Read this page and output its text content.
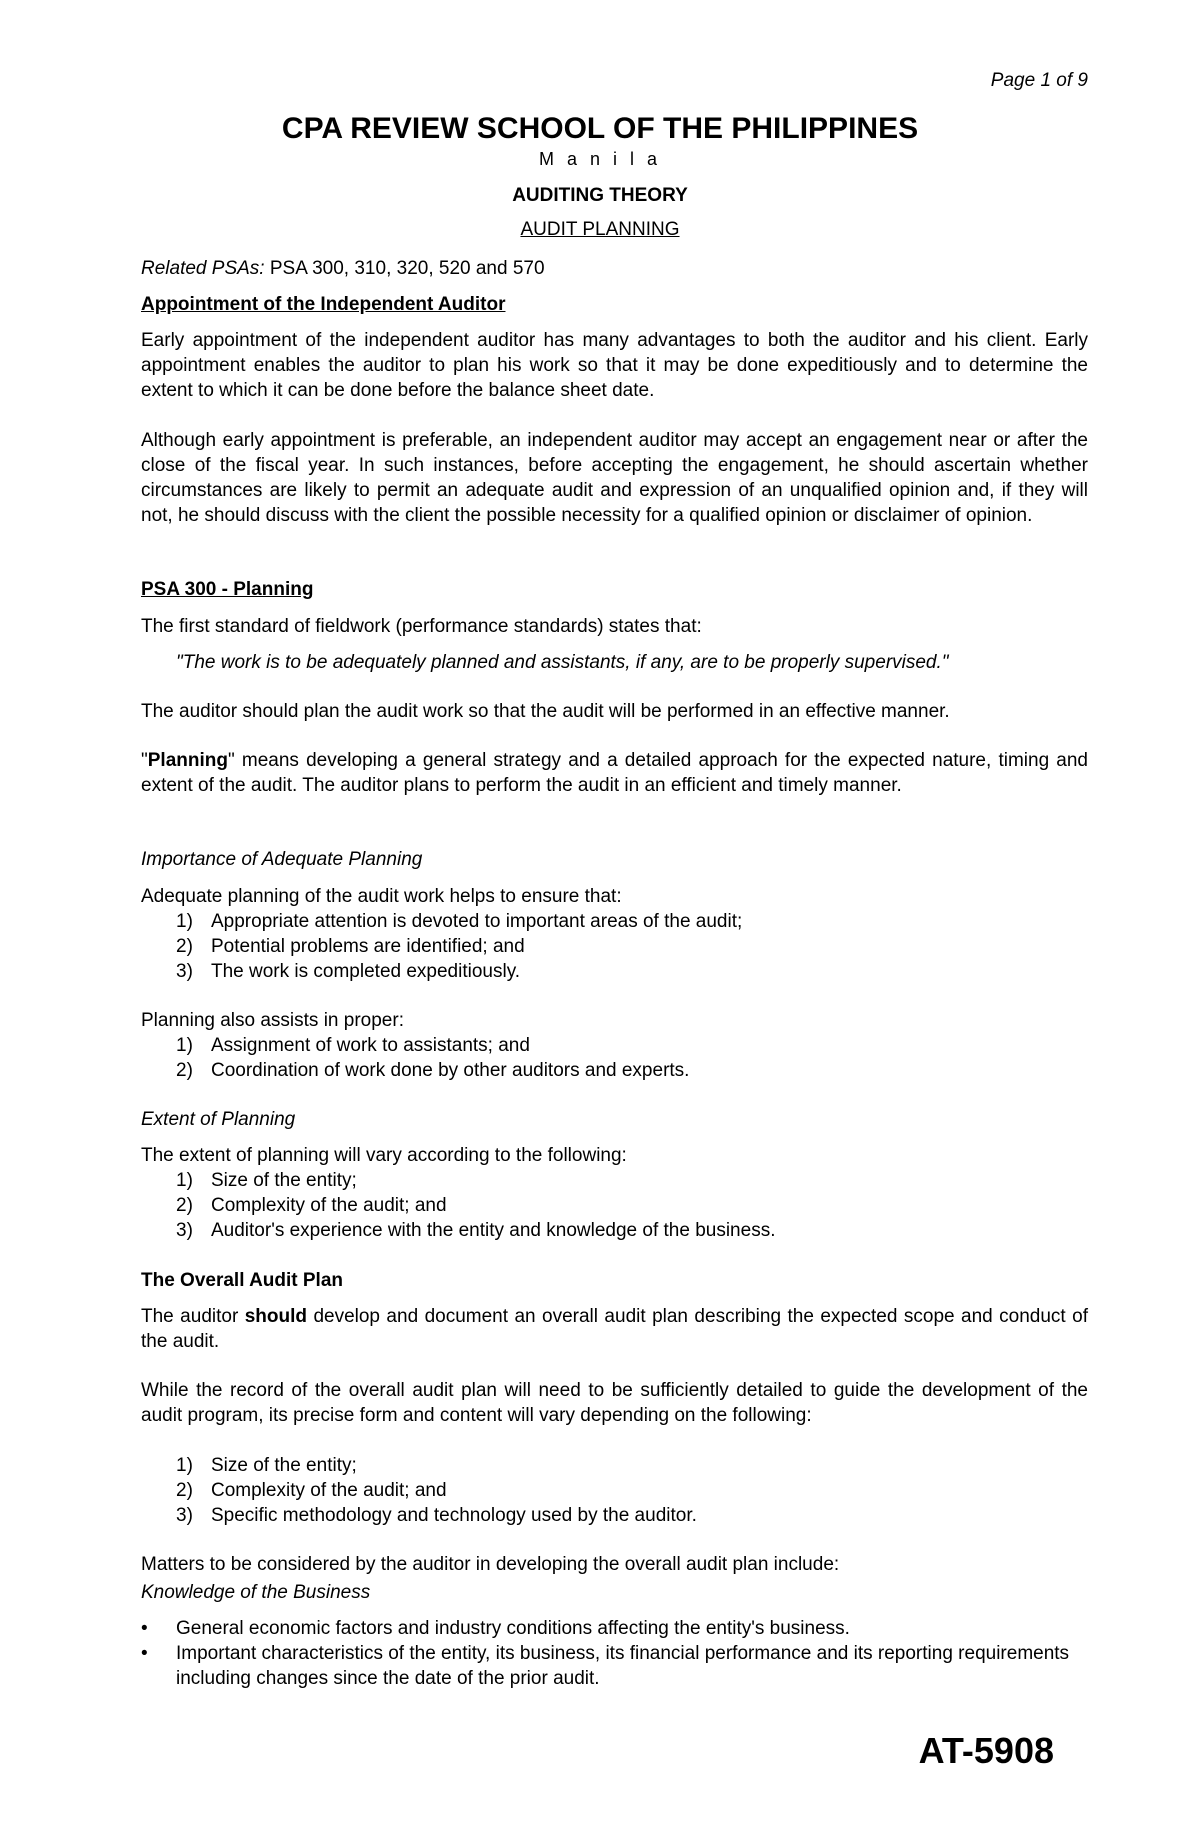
Page 1 of 9
CPA REVIEW SCHOOL OF THE PHILIPPINES
M a n i l a
AUDITING THEORY
AUDIT PLANNING

Related PSAs: PSA 300, 310, 320, 520 and 570

Appointment of the Independent Auditor

Early appointment of the independent auditor has many advantages to both the auditor and his client. Early appointment enables the auditor to plan his work so that it may be done expeditiously and to determine the extent to which it can be done before the balance sheet date.

Although early appointment is preferable, an independent auditor may accept an engagement near or after the close of the fiscal year. In such instances, before accepting the engagement, he should ascertain whether circumstances are likely to permit an adequate audit and expression of an unqualified opinion and, if they will not, he should discuss with the client the possible necessity for a qualified opinion or disclaimer of opinion.

PSA 300 - Planning

The first standard of fieldwork (performance standards) states that:

"The work is to be adequately planned and assistants, if any, are to be properly supervised."

The auditor should plan the audit work so that the audit will be performed in an effective manner.

"Planning" means developing a general strategy and a detailed approach for the expected nature, timing and extent of the audit. The auditor plans to perform the audit in an efficient and timely manner.

Importance of Adequate Planning

Adequate planning of the audit work helps to ensure that:

1) Appropriate attention is devoted to important areas of the audit;
2) Potential problems are identified; and
3) The work is completed expeditiously.

Planning also assists in proper:

1) Assignment of work to assistants; and
2) Coordination of work done by other auditors and experts.

Extent of Planning

The extent of planning will vary according to the following:

1) Size of the entity;
2) Complexity of the audit; and
3) Auditor's experience with the entity and knowledge of the business.

The Overall Audit Plan

The auditor should develop and document an overall audit plan describing the expected scope and conduct of the audit.

While the record of the overall audit plan will need to be sufficiently detailed to guide the development of the audit program, its precise form and content will vary depending on the following:

1) Size of the entity;
2) Complexity of the audit; and
3) Specific methodology and technology used by the auditor.

Matters to be considered by the auditor in developing the overall audit plan include:

Knowledge of the Business

•	General economic factors and industry conditions affecting the entity's business.
•	Important characteristics of the entity, its business, its financial performance and its reporting requirements including changes since the date of the prior audit.
AT-5908
